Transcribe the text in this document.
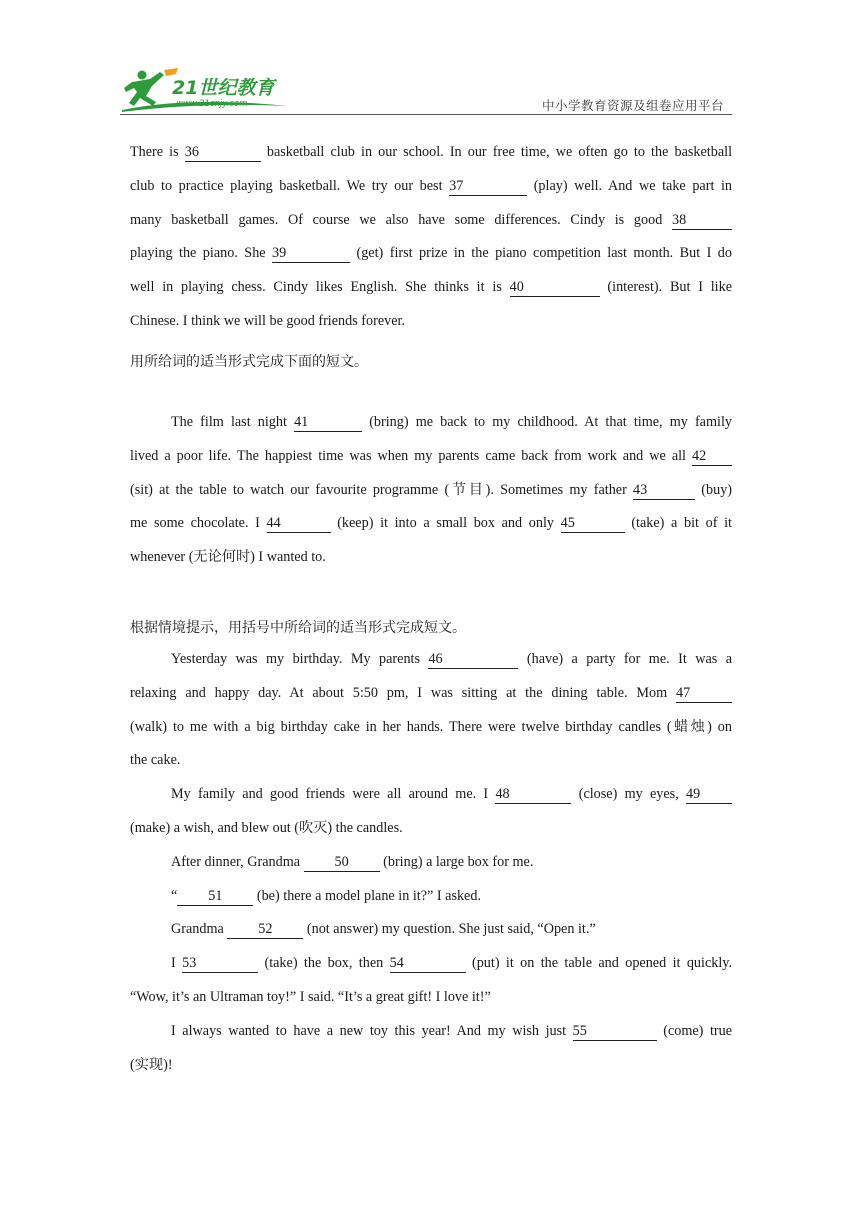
21世纪教育
www.21cnjy.com	中小学教育资源及组卷应用平台
There is 36	basketball club in our school. In our free time, we often go to the basketball
club to practice playing basketball. We try our best 37	(play) well. And we take part in
many basketball games. Of course we also have some differences. Cindy is good 38
playing the piano. She 39	(get) first prize in the piano competition last month. But I do
well in playing chess. Cindy likes English. She thinks it is 40	(interest). But I like
Chinese. I think we will be good friends forever.
用所给词的适当形式完成下面的短文。
The film last night 41	(bring) me back to my childhood. At that time, my family
lived a poor life. The happiest time was when my parents came back from work and we all 42
(sit) at the table to watch our favourite programme (节目). Sometimes my father 43	(buy)
me some chocolate. I 44	(keep) it into a small box and only 45	(take) a bit of it
whenever (无论何时) I wanted to.
根据情境提示，用括号中所给词的适当形式完成短文。
Yesterday was my birthday. My parents 46	(have) a party for me. It was a
relaxing and happy day. At about 5:50 pm, I was sitting at the dining table. Mom 47
(walk) to me with a big birthday cake in her hands. There were twelve birthday candles (蜡烛) on
the cake.
My family and good friends were all around me. I 48	(close) my eyes, 49
(make) a wish, and blew out (吹灭) the candles.
After dinner, Grandma 50 (bring) a large box for me.
“ 51 (be) there a model plane in it?” I asked.
Grandma 52 (not answer) my question. She just said, “Open it.”
I 53	(take) the box, then 54	(put) it on the table and opened it quickly.
“Wow, it’s an Ultraman toy!” I said. “It’s a great gift! I love it!”
I always wanted to have a new toy this year! And my wish just 55	(come) true
(实现)!
